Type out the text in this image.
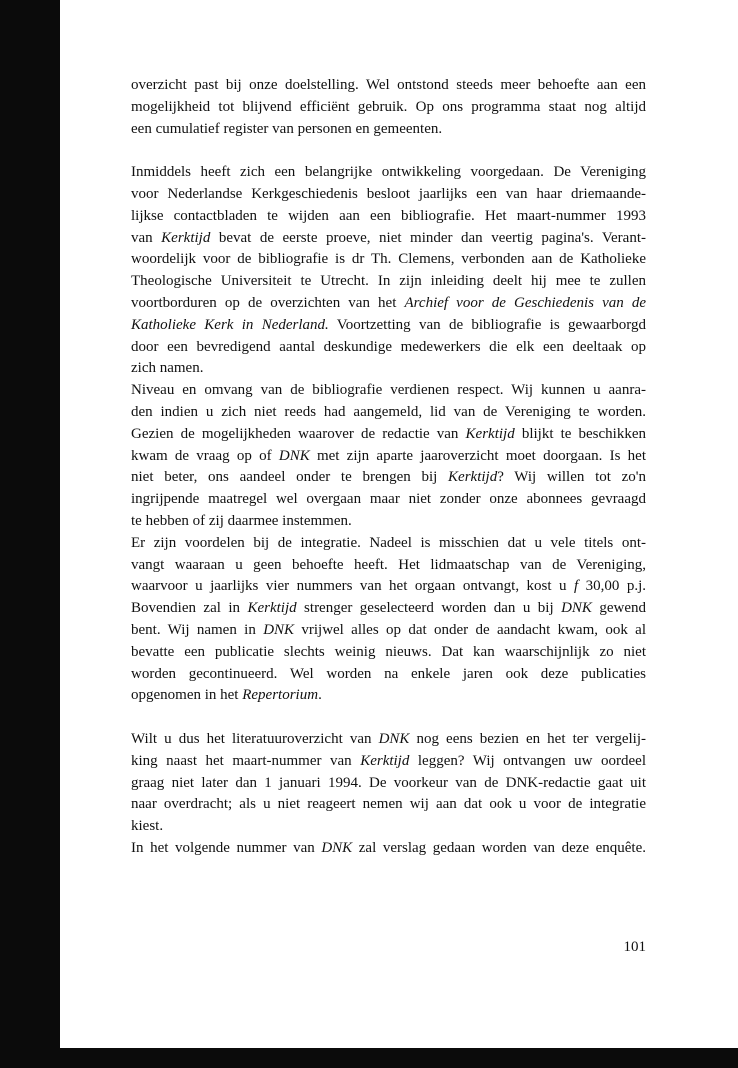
overzicht past bij onze doelstelling. Wel ontstond steeds meer behoefte aan een
mogelijkheid tot blijvend efficiënt gebruik. Op ons programma staat nog altijd
een cumulatief register van personen en gemeenten.
Inmiddels heeft zich een belangrijke ontwikkeling voorgedaan. De Vereniging
voor Nederlandse Kerkgeschiedenis besloot jaarlijks een van haar driemaande-
lijkse contactbladen te wijden aan een bibliografie. Het maart-nummer 1993
van Kerktijd bevat de eerste proeve, niet minder dan veertig pagina's. Verant-
woordelijk voor de bibliografie is dr Th. Clemens, verbonden aan de Katholieke
Theologische Universiteit te Utrecht. In zijn inleiding deelt hij mee te zullen
voortborduren op de overzichten van het Archief voor de Geschiedenis van de
Katholieke Kerk in Nederland. Voortzetting van de bibliografie is gewaarborgd
door een bevredigend aantal deskundige medewerkers die elk een deeltaak op
zich namen.
Niveau en omvang van de bibliografie verdienen respect. Wij kunnen u aanra-
den indien u zich niet reeds had aangemeld, lid van de Vereniging te worden.
Gezien de mogelijkheden waarover de redactie van Kerktijd blijkt te beschikken
kwam de vraag op of DNK met zijn aparte jaaroverzicht moet doorgaan. Is het
niet beter, ons aandeel onder te brengen bij Kerktijd? Wij willen tot zo'n
ingrijpende maatregel wel overgaan maar niet zonder onze abonnees gevraagd
te hebben of zij daarmee instemmen.
Er zijn voordelen bij de integratie. Nadeel is misschien dat u vele titels ont-
vangt waaraan u geen behoefte heeft. Het lidmaatschap van de Vereniging,
waarvoor u jaarlijks vier nummers van het orgaan ontvangt, kost u f 30,00 p.j.
Bovendien zal in Kerktijd strenger geselecteerd worden dan u bij DNK gewend
bent. Wij namen in DNK vrijwel alles op dat onder de aandacht kwam, ook al
bevatte een publicatie slechts weinig nieuws. Dat kan waarschijnlijk zo niet
worden gecontinueerd. Wel worden na enkele jaren ook deze publicaties
opgenomen in het Repertorium.
Wilt u dus het literatuuroverzicht van DNK nog eens bezien en het ter vergelij-
king naast het maart-nummer van Kerktijd leggen? Wij ontvangen uw oordeel
graag niet later dan 1 januari 1994. De voorkeur van de DNK-redactie gaat uit
naar overdracht; als u niet reageert nemen wij aan dat ook u voor de integratie
kiest.
In het volgende nummer van DNK zal verslag gedaan worden van deze enquête.
101
